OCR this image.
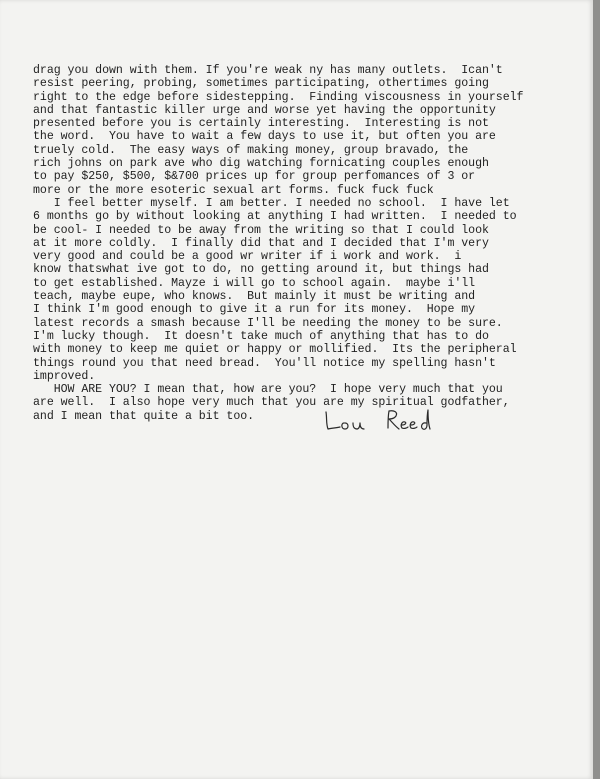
drag you down with them. If you're weak ny has many outlets.  Ican't
resist peering, probing, sometimes participating, othertimes going
right to the edge before sidestepping.  Finding viscousness in yourself
and that fantastic killer urge and worse yet having the opportunity
presented before you is certainly interesting.  Interesting is not
the word.  You have to wait a few days to use it, but often you are
truely cold.  The easy ways of making money, group bravado, the
rich johns on park ave who dig watching fornicating couples enough
to pay $250, $500, $&700 prices up for group perfomances of 3 or
more or the more esoteric sexual art forms. fuck fuck fuck
I feel better myself. I am better. I needed no school.  I have let
6 months go by without looking at anything I had written.  I needed to
be cool- I needed to be away from the writing so that I could look
at it more coldly.  I finally did that and I decided that I'm very
very good and could be a good wr writer if i work and work.  i
know thatswhat ive got to do, no getting around it, but things had
to get established. Mayze i will go to school again.  maybe i'll
teach, maybe eupe, who knows.  But mainly it must be writing and
I think I'm good enough to give it a run for its money.  Hope my
latest records a smash because I'll be needing the money to be sure.
I'm lucky though.  It doesn't take much of anything that has to do
with money to keep me quiet or happy or mollified.  Its the peripheral
things round you that need bread.  You'll notice my spelling hasn't
improved.
HOW ARE YOU? I mean that, how are you?  I hope very much that you
are well.  I also hope very much that you are my spiritual godfather,
and I mean that quite a bit too.
